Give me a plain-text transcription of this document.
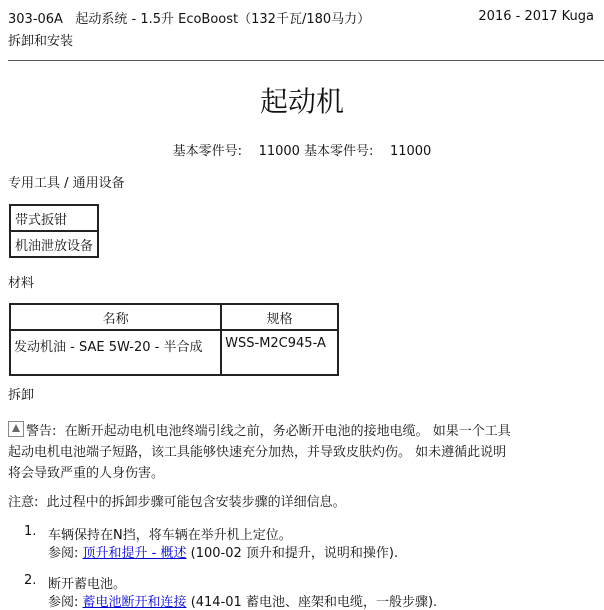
303-06A 起动系统 - 1.5升 EcoBoost（132千瓦/180马力）
拆卸和安装
2016 - 2017 Kuga
起动机
基本零件号:    11000 基本零件号:    11000
专用工具 / 通用设备
带式扳钳
机油泄放设备
材料
名称	规格
发动机油 - SAE 5W-20 - 半合成	WSS-M2C945-A
拆卸
警告: 在断开起动电机电池终端引线之前，务必断开电池的接地电缆。 如果一个工具
起动电机电池端子短路，该工具能够快速充分加热，并导致皮肤灼伤。 如未遵循此说明
将会导致严重的人身伤害。
注意:  此过程中的拆卸步骤可能包含安装步骤的详细信息。
1. 车辆保持在N挡，将车辆在举升机上定位。
参阅: 顶升和提升 - 概述 (100-02 顶升和提升，说明和操作).
2. 断开蓄电池。
参阅: 蓄电池断开和连接 (414-01 蓄电池、座架和电缆，一般步骤).
